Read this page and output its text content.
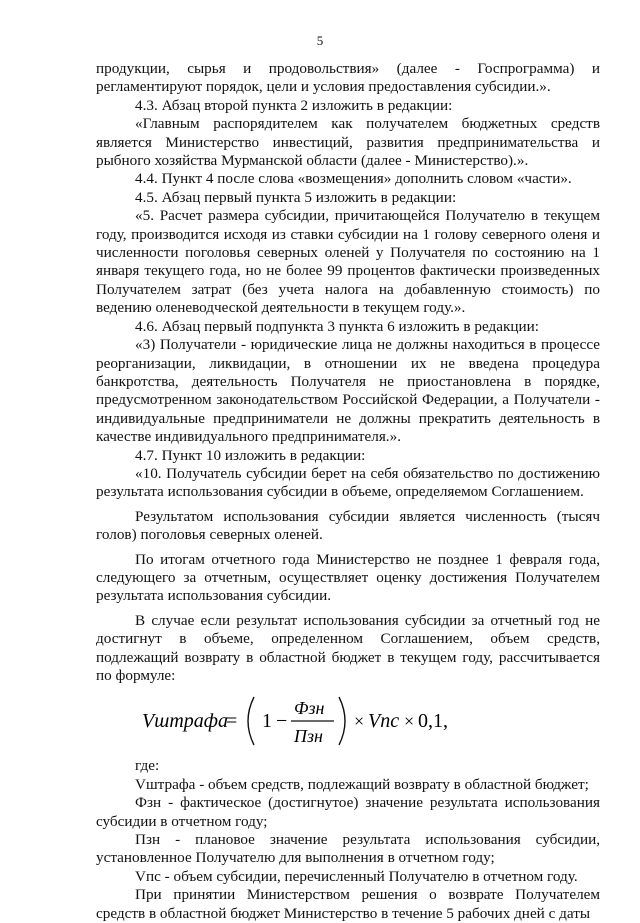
5

продукции, сырья и продовольствия» (далее - Госпрограмма) и регламентируют порядок, цели и условия предоставления субсидии.».

4.3. Абзац второй пункта 2 изложить в редакции:

«Главным распорядителем как получателем бюджетных средств является Министерство инвестиций, развития предпринимательства и рыбного хозяйства Мурманской области (далее - Министерство).».

4.4. Пункт 4 после слова «возмещения» дополнить словом «части».

4.5. Абзац первый пункта 5 изложить в редакции:

«5. Расчет размера субсидии, причитающейся Получателю в текущем году, производится исходя из ставки субсидии на 1 голову северного оленя и численности поголовья северных оленей у Получателя по состоянию на 1 января текущего года, но не более 99 процентов фактически произведенных Получателем затрат (без учета налога на добавленную стоимость) по ведению оленеводческой деятельности в текущем году.».

4.6. Абзац первый подпункта 3 пункта 6 изложить в редакции:

«3) Получатели - юридические лица не должны находиться в процессе реорганизации, ликвидации, в отношении их не введена процедура банкротства, деятельность Получателя не приостановлена в порядке, предусмотренном законодательством Российской Федерации, а Получатели - индивидуальные предприниматели не должны прекратить деятельность в качестве индивидуального предпринимателя.».

4.7. Пункт 10 изложить в редакции:

«10. Получатель субсидии берет на себя обязательство по достижению результата использования субсидии в объеме, определяемом Соглашением.

Результатом использования субсидии является численность (тысяч голов) поголовья северных оленей.

По итогам отчетного года Министерство не позднее 1 февраля года, следующего за отчетным, осуществляет оценку достижения Получателем результата использования субсидии.

В случае если результат использования субсидии за отчетный год не достигнут в объеме, определенном Соглашением, объем средств, подлежащий возврату в областной бюджет в текущем году, рассчитывается по формуле:

Vштрафа
= 1 −
Фзн
Пзн
× Vпс × 0,1,

где:

Vштрафа - объем средств, подлежащий возврату в областной бюджет;

Фзн - фактическое (достигнутое) значение результата использования субсидии в отчетном году;

Пзн - плановое значение результата использования субсидии, установленное Получателю для выполнения в отчетном году;

Vпс - объем субсидии, перечисленный Получателю в отчетном году.

При принятии Министерством решения о возврате Получателем средств в областной бюджет Министерство в течение 5 рабочих дней с даты
